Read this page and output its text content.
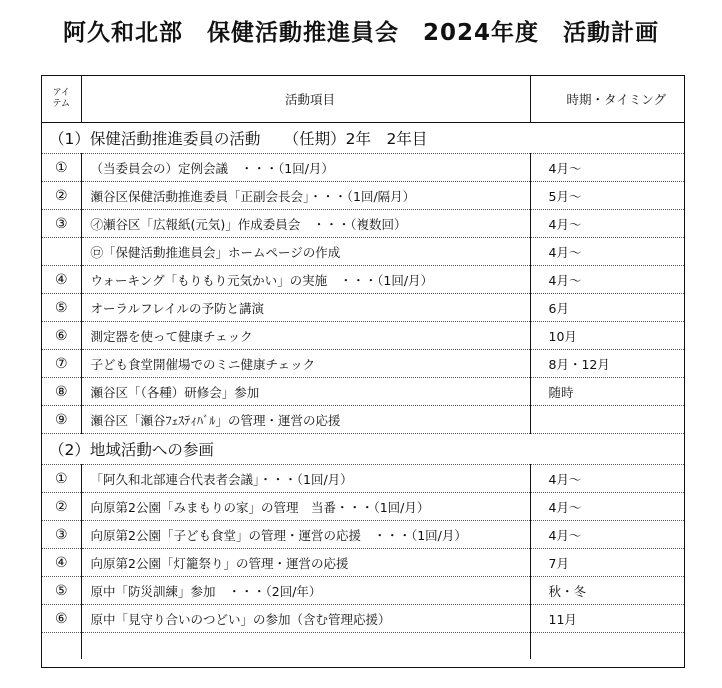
阿久和北部　保健活動推進員会　2024年度　活動計画
アイ
テム	活動項目	時期・タイミング
（1）保健活動推進委員の活動　　（任期）2年　2年目		
①	（当委員会の）定例会議　・・・（1回/月）	4月～
②	瀬谷区保健活動推進委員「正副会長会」・・・（1回/隔月）	5月～
③	㋑瀬谷区「広報紙(元気)」作成委員会　・・・（複数回）	4月～
	㋺「保健活動推進員会」ホームページの作成	4月～
④	ウォーキング「もりもり元気かい」の実施　・・・（1回/月）	4月～
⑤	オーラルフレイルの予防と講演	6月
⑥	測定器を使って健康チェック	10月
⑦	子ども食堂開催場でのミニ健康チェック	8月・12月
⑧	瀬谷区「（各種）研修会」参加	随時
⑨	瀬谷区「瀬谷ﾌｪｽﾃｨﾊﾞﾙ」の管理・運営の応援	
（2）地域活動への参画		
①	「阿久和北部連合代表者会議」・・・（1回/月）	4月～
②	向原第2公園「みまもりの家」の管理　当番・・・（1回/月）	4月～
③	向原第2公園「子ども食堂」の管理・運営の応援　・・・（1回/月）	4月～
④	向原第2公園「灯籠祭り」の管理・運営の応援	7月
⑤	原中「防災訓練」参加　・・・（2回/年）	秋・冬
⑥	原中「見守り合いのつどい」の参加（含む管理応援）	11月
